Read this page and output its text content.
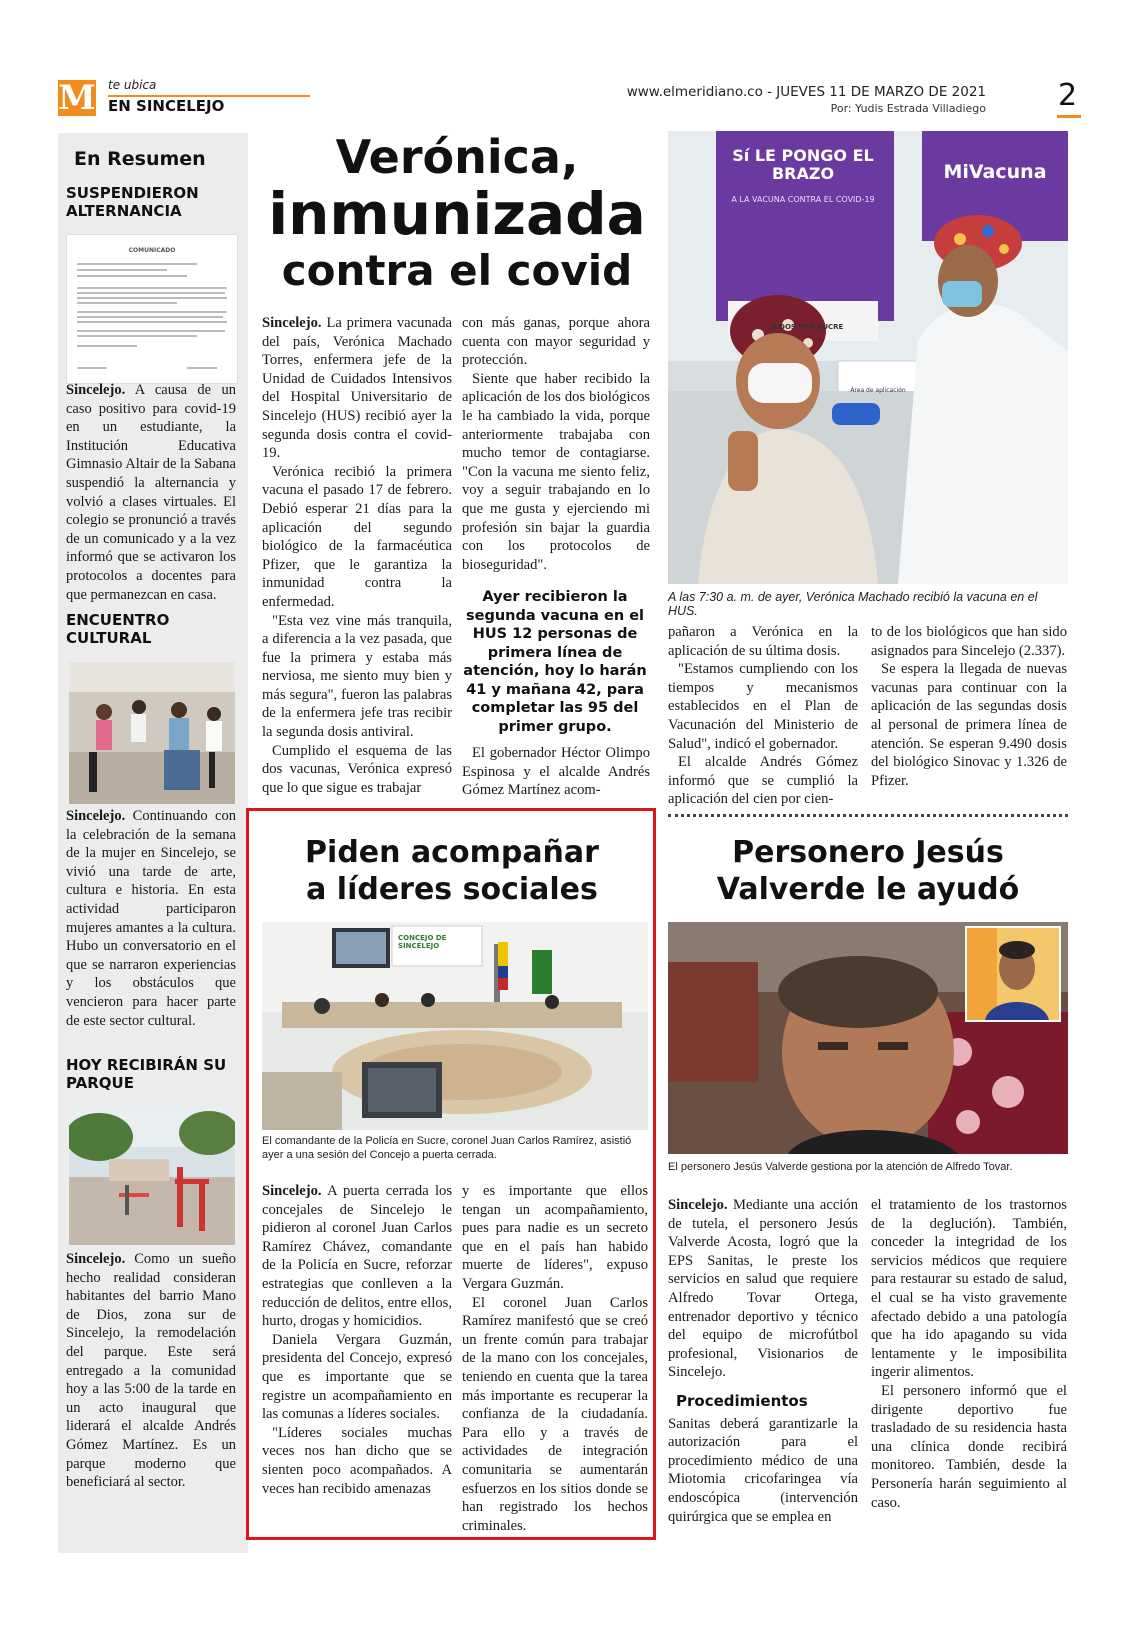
M te ubica
EN SINCELEJO
www.elmeridiano.co - JUEVES 11 DE MARZO DE 2021
Por: Yudis Estrada Villadiego 2
En Resumen
SUSPENDIERON ALTERNANCIA
COMUNICADO
Sincelejo. A causa de un caso positivo para covid-19 en un estudiante, la Institución Educativa Gimnasio Altair de la Sabana suspendió la alternancia y volvió a clases virtuales. El colegio se pronunció a través de un comunicado y a la vez informó que se activaron los protocolos a docentes para que permanezcan en casa.
ENCUENTRO CULTURAL
Sincelejo. Continuando con la celebración de la semana de la mujer en Sincelejo, se vivió una tarde de arte, cultura e historia. En esta actividad participaron mujeres amantes a la cultura. Hubo un conversatorio en el que se narraron experiencias y los obstáculos que vencieron para hacer parte de este sector cultural.
HOY RECIBIRÁN SU PARQUE
Sincelejo. Como un sueño hecho realidad consideran habitantes del barrio Mano de Dios, zona sur de Sincelejo, la remodelación del parque. Este será entregado a la comunidad hoy a las 5:00 de la tarde en un acto inaugural que liderará el alcalde Andrés Gómez Martínez. Es un parque moderno que beneficiará al sector.
Verónica,
inmunizada
contra el covid

Sincelejo. La primera vacunada del país, Verónica Machado Torres, enfermera jefe de la Unidad de Cuidados Intensivos del Hospital Universitario de Sincelejo (HUS) recibió ayer la segunda dosis contra el covid-19.

Verónica recibió la primera vacuna el pasado 17 de febrero. Debió esperar 21 días para la aplicación del segundo biológico de la farmacéutica Pfizer, que le garantiza la inmunidad contra la enfermedad.

"Esta vez vine más tranquila, a diferencia a la vez pasada, que fue la primera y estaba más nerviosa, me siento muy bien y más segura", fueron las palabras de la enfermera jefe tras recibir la segunda dosis antiviral.

Cumplido el esquema de las dos vacunas, Verónica expresó que lo que sigue es trabajar

con más ganas, porque ahora cuenta con mayor seguridad y protección.

Siente que haber recibido la aplicación de los dos biológicos le ha cambiado la vida, porque anteriormente trabajaba con mucho temor de contagiarse. "Con la vacuna me siento feliz, voy a seguir trabajando en lo que me gusta y ejerciendo mi profesión sin bajar la guardia con los protocolos de bioseguridad".

Ayer recibieron la segunda vacuna en el HUS 12 personas de primera línea de atención, hoy lo harán 41 y mañana 42, para completar las 95 del primer grupo.

El gobernador Héctor Olimpo Espinosa y el alcalde Andrés Gómez Martínez acom-

Sí LE PONGO EL BRAZO
A LA VACUNA CONTRA EL COVID-19
MiVacuna
NIDOS POR SUCRE
Área de aplicación
A las 7:30 a. m. de ayer, Verónica Machado recibió la vacuna en el HUS.

pañaron a Verónica en la aplicación de su última dosis.

"Estamos cumpliendo con los tiempos y mecanismos establecidos en el Plan de Vacunación del Ministerio de Salud", indicó el gobernador.

El alcalde Andrés Gómez informó que se cumplió la aplicación del cien por cien-

to de los biológicos que han sido asignados para Sincelejo (2.337).

Se espera la llegada de nuevas vacunas para continuar con la aplicación de las segundas dosis al personal de primera línea de atención. Se esperan 9.490 dosis del biológico Sinovac y 1.326 de Pfizer.

Piden acompañar
a líderes sociales
CONCEJO DE SINCELEJO
El comandante de la Policía en Sucre, coronel Juan Carlos Ramírez, asistió ayer a una sesión del Concejo a puerta cerrada.

Sincelejo. A puerta cerrada los concejales de Sincelejo le pidieron al coronel Juan Carlos Ramírez Chávez, comandante de la Policía en Sucre, reforzar estrategias que conlleven a la reducción de delitos, entre ellos, hurto, drogas y homicidios.

Daniela Vergara Guzmán, presidenta del Concejo, expresó que es importante que se registre un acompañamiento en las comunas a líderes sociales.

"Líderes sociales muchas veces nos han dicho que se sienten poco acompañados. A veces han recibido amenazas

y es importante que ellos tengan un acompañamiento, pues para nadie es un secreto que en el país han habido muerte de líderes", expuso Vergara Guzmán.

El coronel Juan Carlos Ramírez manifestó que se creó un frente común para trabajar de la mano con los concejales, teniendo en cuenta que la tarea más importante es recuperar la confianza de la ciudadanía. Para ello y a través de actividades de integración comunitaria se aumentarán esfuerzos en los sitios donde se han registrado los hechos criminales.

Personero Jesús
Valverde le ayudó
El personero Jesús Valverde gestiona por la atención de Alfredo Tovar.

Sincelejo. Mediante una acción de tutela, el personero Jesús Valverde Acosta, logró que la EPS Sanitas, le preste los servicios en salud que requiere Alfredo Tovar Ortega, entrenador deportivo y técnico del equipo de microfútbol profesional, Visionarios de Sincelejo.

Procedimientos

Sanitas deberá garantizarle la autorización para el procedimiento médico de una Miotomia cricofaringea vía endoscópica (intervención quirúrgica que se emplea en

el tratamiento de los trastornos de la deglución). También, conceder la integridad de los servicios médicos que requiere para restaurar su estado de salud, el cual se ha visto gravemente afectado debido a una patología que ha ido apagando su vida lentamente y le imposibilita ingerir alimentos.

El personero informó que el dirigente deportivo fue trasladado de su residencia hasta una clínica donde recibirá monitoreo. También, desde la Personería harán seguimiento al caso.
